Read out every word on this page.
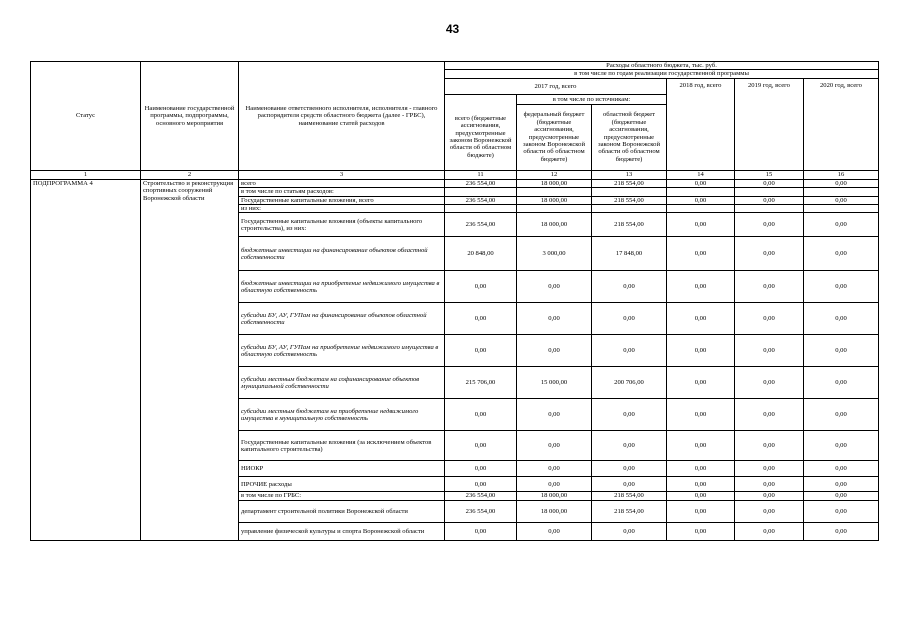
43
Статус	Наименование государственной программы, подпрограммы, основного мероприятия	Наименование ответственного исполнителя, исполнителя - главного распорядителя средств областного бюджета (далее - ГРБС), наименование статей расходов	Расходы областного бюджета, тыс. руб.					
			в том числе по годам реализации государственной программы					
			2017 год, всего			2018 год, всего	2019 год, всего	2020 год, всего
				в том числе по источникам:				
			всего (бюджетные ассигнования, предусмотренные законом Воронежской области об областном бюджете)	федеральный бюджет (бюджетные ассигнования, предусмотренные законом Воронежской области об областном бюджете)	областной бюджет (бюджетные ассигнования, предусмотренные законом Воронежской области об областном бюджете)			
1	2	3	11	12	13	14	15	16
ПОДПРОГРАММА 4	Строительство и реконструкция спортивных сооружений Воронежской области	всего	236 554,00	18 000,00	218 554,00	0,00	0,00	0,00
		в том числе по статьям расходов:						
		Государственные капитальные вложения, всего	236 554,00	18 000,00	218 554,00	0,00	0,00	0,00
		из них:						
		Государственные капитальные вложения (объекты капитального строительства), из них:	236 554,00	18 000,00	218 554,00	0,00	0,00	0,00
		бюджетные инвестиции на финансирование объектов областной собственности	20 848,00	3 000,00	17 848,00	0,00	0,00	0,00
		бюджетные инвестиции на приобретение недвижимого имущества в областную собственность	0,00	0,00	0,00	0,00	0,00	0,00
		субсидии БУ, АУ, ГУПам на финансирование объектов областной собственности	0,00	0,00	0,00	0,00	0,00	0,00
		субсидии БУ, АУ, ГУПам на приобретение недвижимого имущества в областную собственность	0,00	0,00	0,00	0,00	0,00	0,00
		субсидии местным бюджетам на софинансирование объектов муниципальной собственности	215 706,00	15 000,00	200 706,00	0,00	0,00	0,00
		субсидии местным бюджетам на приобретение недвижимого имущества в муниципальную собственность	0,00	0,00	0,00	0,00	0,00	0,00
		Государственные капитальные вложения (за исключением объектов капитального строительства)	0,00	0,00	0,00	0,00	0,00	0,00
		НИОКР	0,00	0,00	0,00	0,00	0,00	0,00
		ПРОЧИЕ расходы	0,00	0,00	0,00	0,00	0,00	0,00
		в том числе по ГРБС:	236 554,00	18 000,00	218 554,00	0,00	0,00	0,00
		департамент строительной политики Воронежской области	236 554,00	18 000,00	218 554,00	0,00	0,00	0,00
		управление физической культуры и спорта Воронежской области	0,00	0,00	0,00	0,00	0,00	0,00
